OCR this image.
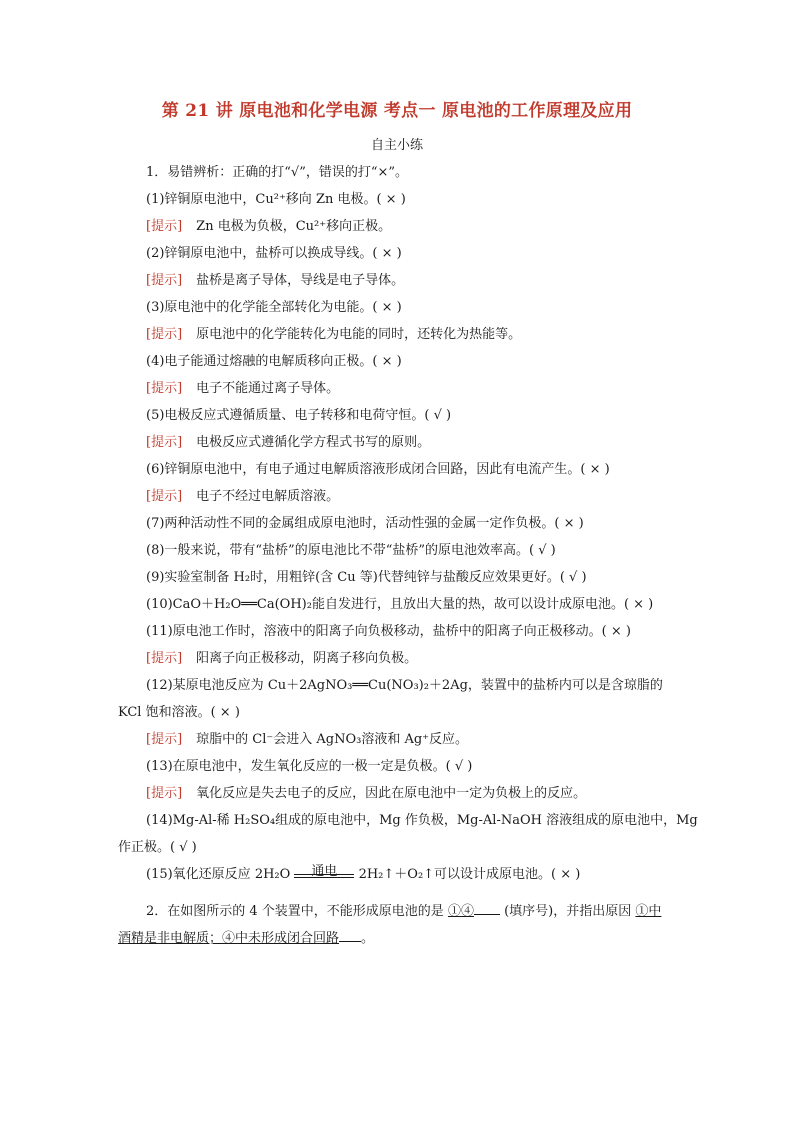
第 21 讲 原电池和化学电源 考点一 原电池的工作原理及应用
自主小练
1．易错辨析：正确的打“√”，错误的打“×”。
(1)锌铜原电池中，Cu²⁺移向 Zn 电极。( × )
[提示] Zn 电极为负极，Cu²⁺移向正极。
(2)锌铜原电池中，盐桥可以换成导线。( × )
[提示] 盐桥是离子导体，导线是电子导体。
(3)原电池中的化学能全部转化为电能。( × )
[提示] 原电池中的化学能转化为电能的同时，还转化为热能等。
(4)电子能通过熔融的电解质移向正极。( × )
[提示] 电子不能通过离子导体。
(5)电极反应式遵循质量、电子转移和电荷守恒。( √ )
[提示] 电极反应式遵循化学方程式书写的原则。
(6)锌铜原电池中，有电子通过电解质溶液形成闭合回路，因此有电流产生。( × )
[提示] 电子不经过电解质溶液。
(7)两种活动性不同的金属组成原电池时，活动性强的金属一定作负极。( × )
(8)一般来说，带有“盐桥”的原电池比不带“盐桥”的原电池效率高。( √ )
(9)实验室制备 H₂时，用粗锌(含 Cu 等)代替纯锌与盐酸反应效果更好。( √ )
(10)CaO＋H₂O══Ca(OH)₂能自发进行，且放出大量的热，故可以设计成原电池。( × )
(11)原电池工作时，溶液中的阳离子向负极移动，盐桥中的阳离子向正极移动。( × )
[提示] 阳离子向正极移动，阴离子移向负极。
(12)某原电池反应为 Cu＋2AgNO₃══Cu(NO₃)₂＋2Ag，装置中的盐桥内可以是含琼脂的
KCl 饱和溶液。( × )
[提示] 琼脂中的 Cl⁻会进入 AgNO₃溶液和 Ag⁺反应。
(13)在原电池中，发生氧化反应的一极一定是负极。( √ )
[提示] 氧化反应是失去电子的反应，因此在原电池中一定为负极上的反应。
(14)Mg-Al-稀 H₂SO₄组成的原电池中，Mg 作负极，Mg-Al-NaOH 溶液组成的原电池中，Mg
作正极。( √ )
(15)氧化还原反应 2H₂O	通电	2H₂↑＋O₂↑可以设计成原电池。( × )
2．在如图所示的 4 个装置中，不能形成原电池的是 ①④ (填序号)，并指出原因 ①中
酒精是非电解质；④中未形成闭合回路 。
